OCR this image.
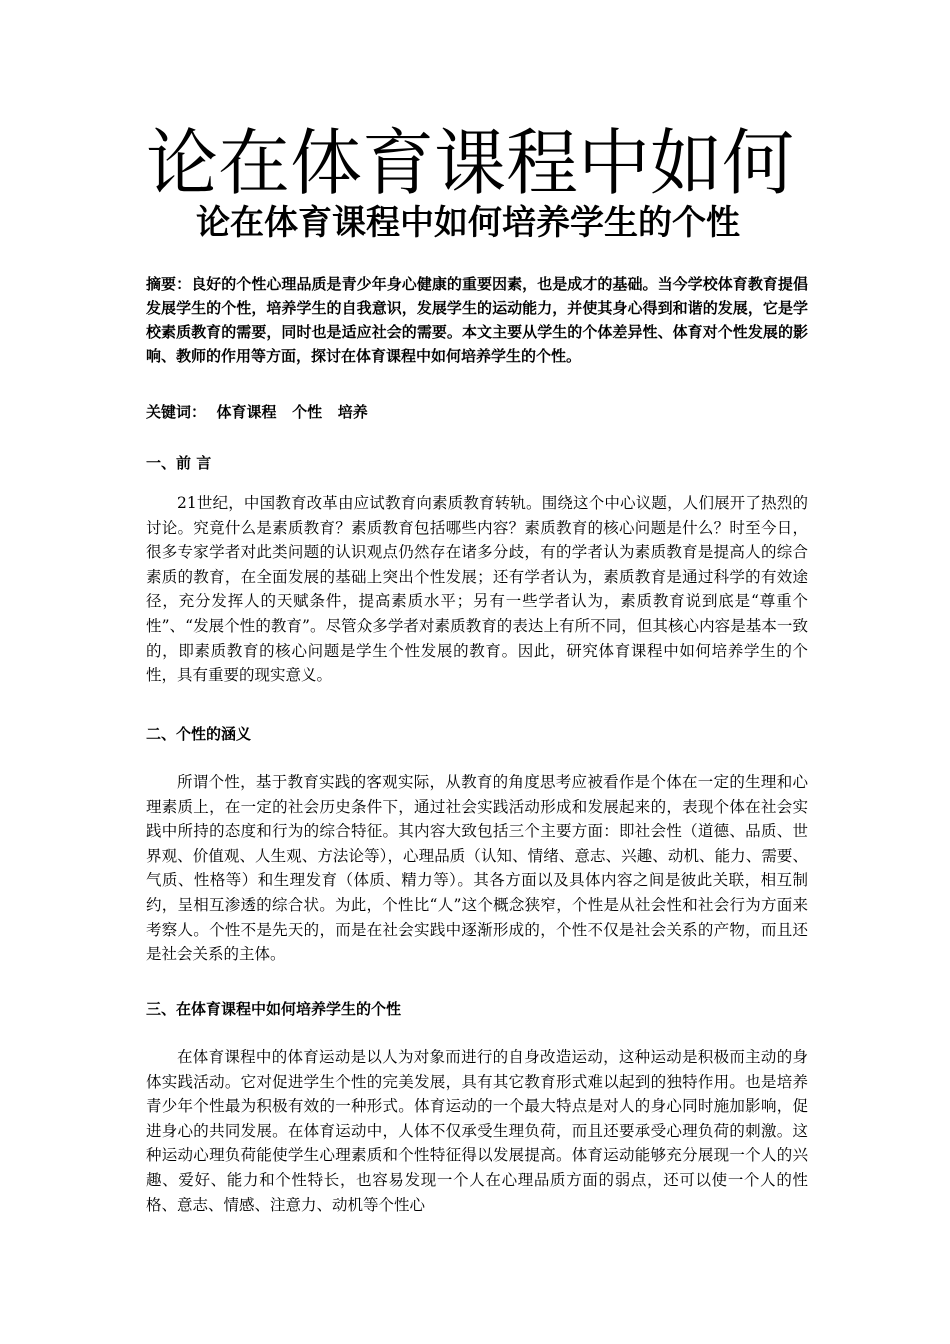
论在体育课程中如何
论在体育课程中如何培养学生的个性
摘要：良好的个性心理品质是青少年身心健康的重要因素，也是成才的基础。当今学校体育教育提倡发展学生的个性，培养学生的自我意识，发展学生的运动能力，并使其身心得到和谐的发展，它是学校素质教育的需要，同时也是适应社会的需要。本文主要从学生的个体差异性、体育对个性发展的影响、教师的作用等方面，探讨在体育课程中如何培养学生的个性。
关键词：  体育课程   个性   培养
一、前 言
21世纪，中国教育改革由应试教育向素质教育转轨。围绕这个中心议题，人们展开了热烈的讨论。究竟什么是素质教育？素质教育包括哪些内容？素质教育的核心问题是什么？时至今日，很多专家学者对此类问题的认识观点仍然存在诸多分歧，有的学者认为素质教育是提高人的综合素质的教育，在全面发展的基础上突出个性发展；还有学者认为，素质教育是通过科学的有效途径，充分发挥人的天赋条件，提高素质水平；另有一些学者认为，素质教育说到底是“尊重个性”、“发展个性的教育”。尽管众多学者对素质教育的表达上有所不同，但其核心内容是基本一致的，即素质教育的核心问题是学生个性发展的教育。因此，研究体育课程中如何培养学生的个性，具有重要的现实意义。
二、个性的涵义
所谓个性，基于教育实践的客观实际，从教育的角度思考应被看作是个体在一定的生理和心理素质上，在一定的社会历史条件下，通过社会实践活动形成和发展起来的，表现个体在社会实践中所持的态度和行为的综合特征。其内容大致包括三个主要方面：即社会性（道德、品质、世界观、价值观、人生观、方法论等），心理品质（认知、情绪、意志、兴趣、动机、能力、需要、气质、性格等）和生理发育（体质、精力等）。其各方面以及具体内容之间是彼此关联，相互制约，呈相互渗透的综合状。为此，个性比“人”这个概念狭窄，个性是从社会性和社会行为方面来考察人。个性不是先天的，而是在社会实践中逐渐形成的，个性不仅是社会关系的产物，而且还是社会关系的主体。
三、在体育课程中如何培养学生的个性
在体育课程中的体育运动是以人为对象而进行的自身改造运动，这种运动是积极而主动的身体实践活动。它对促进学生个性的完美发展，具有其它教育形式难以起到的独特作用。也是培养青少年个性最为积极有效的一种形式。体育运动的一个最大特点是对人的身心同时施加影响，促进身心的共同发展。在体育运动中，人体不仅承受生理负荷，而且还要承受心理负荷的刺激。这种运动心理负荷能使学生心理素质和个性特征得以发展提高。体育运动能够充分展现一个人的兴趣、爱好、能力和个性特长，也容易发现一个人在心理品质方面的弱点，还可以使一个人的性格、意志、情感、注意力、动机等个性心
